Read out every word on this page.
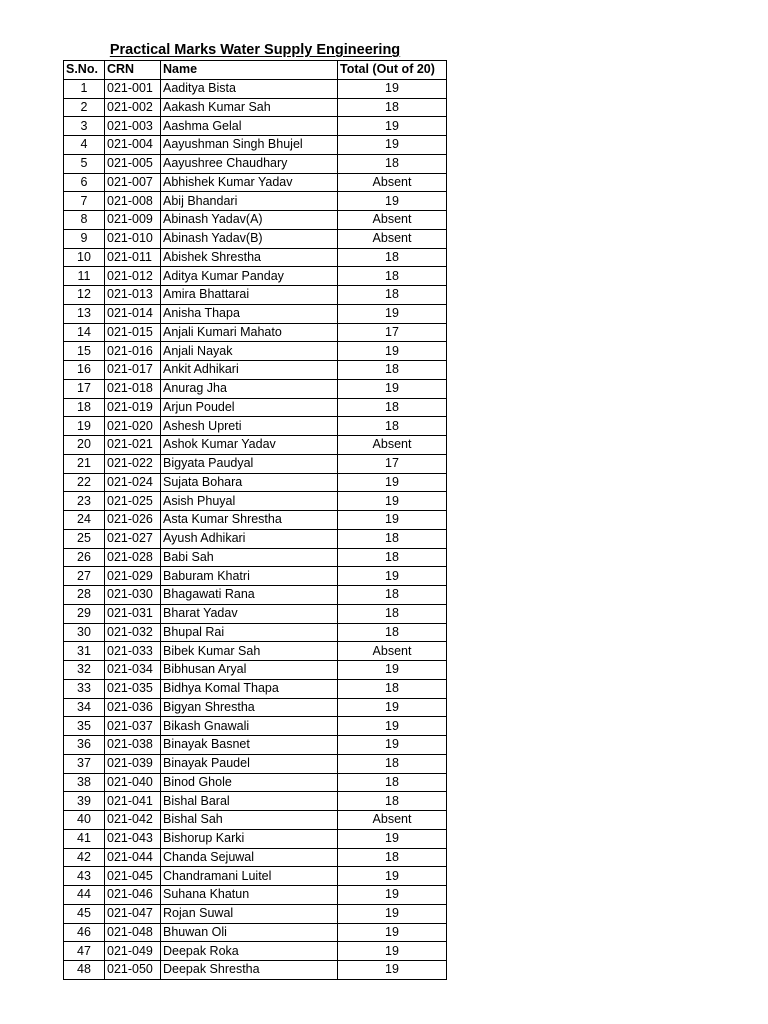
Practical Marks Water Supply Engineering
S.No.	CRN	Name	Total (Out of 20)
1	021-001	Aaditya Bista	19
2	021-002	Aakash Kumar Sah	18
3	021-003	Aashma Gelal	19
4	021-004	Aayushman Singh Bhujel	19
5	021-005	Aayushree Chaudhary	18
6	021-007	Abhishek Kumar Yadav	Absent
7	021-008	Abij Bhandari	19
8	021-009	Abinash Yadav(A)	Absent
9	021-010	Abinash Yadav(B)	Absent
10	021-011	Abishek Shrestha	18
11	021-012	Aditya Kumar Panday	18
12	021-013	Amira Bhattarai	18
13	021-014	Anisha Thapa	19
14	021-015	Anjali Kumari Mahato	17
15	021-016	Anjali Nayak	19
16	021-017	Ankit Adhikari	18
17	021-018	Anurag Jha	19
18	021-019	Arjun Poudel	18
19	021-020	Ashesh Upreti	18
20	021-021	Ashok Kumar Yadav	Absent
21	021-022	Bigyata Paudyal	17
22	021-024	Sujata Bohara	19
23	021-025	Asish Phuyal	19
24	021-026	Asta Kumar Shrestha	19
25	021-027	Ayush Adhikari	18
26	021-028	Babi Sah	18
27	021-029	Baburam Khatri	19
28	021-030	Bhagawati Rana	18
29	021-031	Bharat Yadav	18
30	021-032	Bhupal Rai	18
31	021-033	Bibek Kumar Sah	Absent
32	021-034	Bibhusan Aryal	19
33	021-035	Bidhya Komal Thapa	18
34	021-036	Bigyan Shrestha	19
35	021-037	Bikash Gnawali	19
36	021-038	Binayak Basnet	19
37	021-039	Binayak Paudel	18
38	021-040	Binod Ghole	18
39	021-041	Bishal Baral	18
40	021-042	Bishal Sah	Absent
41	021-043	Bishorup Karki	19
42	021-044	Chanda Sejuwal	18
43	021-045	Chandramani Luitel	19
44	021-046	Suhana Khatun	19
45	021-047	Rojan Suwal	19
46	021-048	Bhuwan Oli	19
47	021-049	Deepak Roka	19
48	021-050	Deepak Shrestha	19
